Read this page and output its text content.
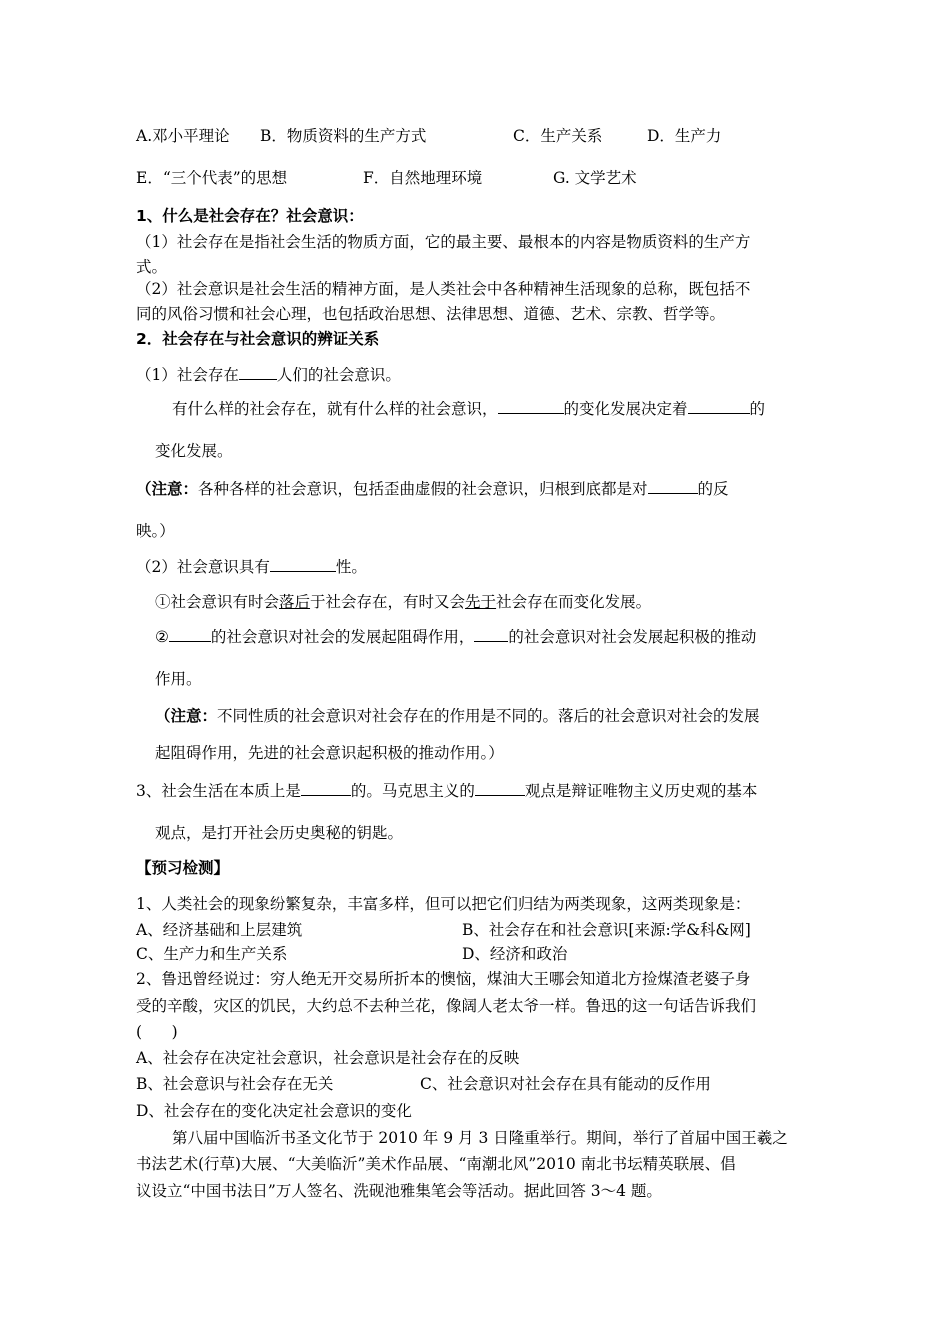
A.邓小平理论 B．物质资料的生产方式	C．生产关系	D．生产力
E．“三个代表”的思想	F．自然地理环境	G. 文学艺术
1、什么是社会存在？社会意识：
（1）社会存在是指社会生活的物质方面，它的最主要、最根本的内容是物质资料的生产方
式。
（2）社会意识是社会生活的精神方面，是人类社会中各种精神生活现象的总称，既包括不
同的风俗习惯和社会心理，也包括政治思想、法律思想、道德、艺术、宗教、哲学等。
2．社会存在与社会意识的辨证关系
（1）社会存在 人们的社会意识。
有什么样的社会存在，就有什么样的社会意识，	的变化发展决定着	的
变化发展。
（注意：各种各样的社会意识，包括歪曲虚假的社会意识，归根到底都是对	的反
映。）
（2）社会意识具有	性。
①社会意识有时会落后于社会存在，有时又会先于社会存在而变化发展。
②	的社会意识对社会的发展起阻碍作用， 的社会意识对社会发展起积极的推动
作用。
（注意：不同性质的社会意识对社会存在的作用是不同的。落后的社会意识对社会的发展
起阻碍作用，先进的社会意识起积极的推动作用。）
3、社会生活在本质上是	的。马克思主义的	观点是辩证唯物主义历史观的基本
观点，是打开社会历史奥秘的钥匙。
【预习检测】
1、人类社会的现象纷繁复杂，丰富多样，但可以把它们归结为两类现象，这两类现象是：
A、经济基础和上层建筑	B、社会存在和社会意识[来源:学&科&网]
C、生产力和生产关系	D、经济和政治
2、鲁迅曾经说过：穷人绝无开交易所折本的懊恼，煤油大王哪会知道北方捡煤渣老婆子身
受的辛酸，灾区的饥民，大约总不去种兰花，像阔人老太爷一样。鲁迅的这一句话告诉我们
(      )
A、社会存在决定社会意识，社会意识是社会存在的反映
B、社会意识与社会存在无关	C、社会意识对社会存在具有能动的反作用
D、社会存在的变化决定社会意识的变化
第八届中国临沂书圣文化节于 2010 年 9 月 3 日隆重举行。期间，举行了首届中国王羲之
书法艺术(行草)大展、“大美临沂”美术作品展、“南潮北风”2010 南北书坛精英联展、倡
议设立“中国书法日”万人签名、洗砚池雅集笔会等活动。据此回答 3～4 题。
